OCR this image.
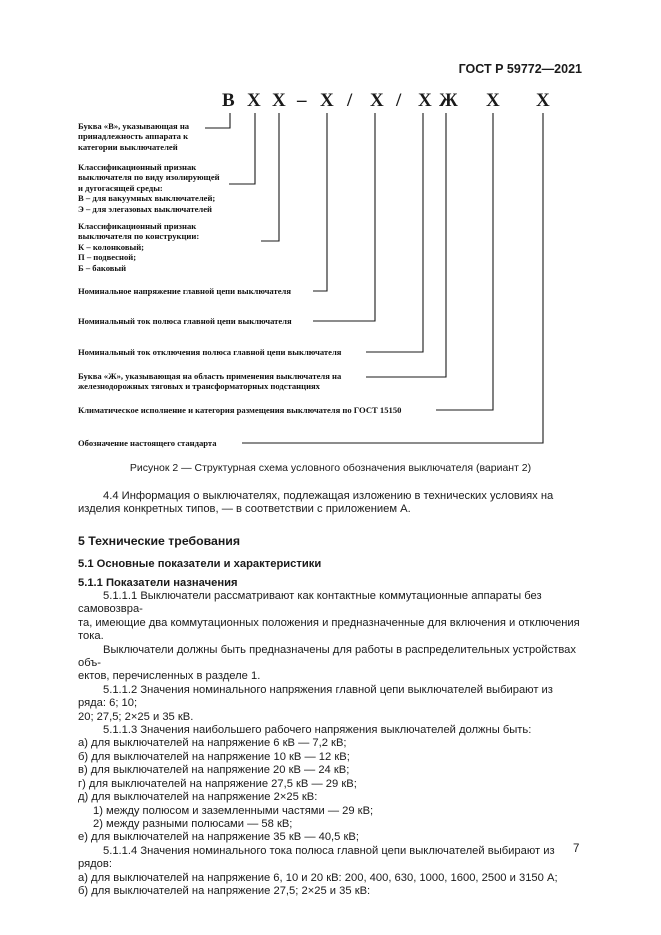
ГОСТ Р 59772—2021
В Х Х – Х / Х / Х Ж Х Х
Буква «В», указывающая на
принадлежность аппарата к
категории выключателей
Классификационный признак
выключателя по виду изолирующей
и дугогасящей среды:
В – для вакуумных выключателей;
Э – для элегазовых выключателей
Классификационный признак
выключателя по конструкции:
К – колонковый;
П – подвесной;
Б – баковый
Номинальное напряжение главной цепи выключателя
Номинальный ток полюса главной цепи выключателя
Номинальный ток отключения полюса главной цепи выключателя
Буква «Ж», указывающая на область применения выключателя на
железнодорожных тяговых и трансформаторных подстанциях
Климатическое исполнение и категория размещения выключателя по ГОСТ 15150
Обозначение настоящего стандарта
Рисунок 2 — Структурная схема условного обозначения выключателя (вариант 2)

4.4 Информация о выключателях, подлежащая изложению в технических условиях на изделия конкретных типов, — в соответствии с приложением А.

5 Технические требования
5.1 Основные показатели и характеристики
5.1.1 Показатели назначения

5.1.1.1 Выключатели рассматривают как контактные коммутационные аппараты без самовозвра-

та, имеющие два коммутационных положения и предназначенные для включения и отключения тока.

Выключатели должны быть предназначены для работы в распределительных устройствах объ-

ектов, перечисленных в разделе 1.

5.1.1.2 Значения номинального напряжения главной цепи выключателей выбирают из ряда: 6; 10;

20; 27,5; 2×25 и 35 кВ.

5.1.1.3 Значения наибольшего рабочего напряжения выключателей должны быть:

а) для выключателей на напряжение 6 кВ — 7,2 кВ;

б) для выключателей на напряжение 10 кВ — 12 кВ;

в) для выключателей на напряжение 20 кВ — 24 кВ;

г) для выключателей на напряжение 27,5 кВ — 29 кВ;

д) для выключателей на напряжение 2×25 кВ:

1) между полюсом и заземленными частями — 29 кВ;

2) между разными полюсами — 58 кВ;

е) для выключателей на напряжение 35 кВ — 40,5 кВ;

5.1.1.4 Значения номинального тока полюса главной цепи выключателей выбирают из рядов:

а) для выключателей на напряжение 6, 10 и 20 кВ: 200, 400, 630, 1000, 1600, 2500 и 3150 А;

б) для выключателей на напряжение 27,5; 2×25 и 35 кВ:

7
